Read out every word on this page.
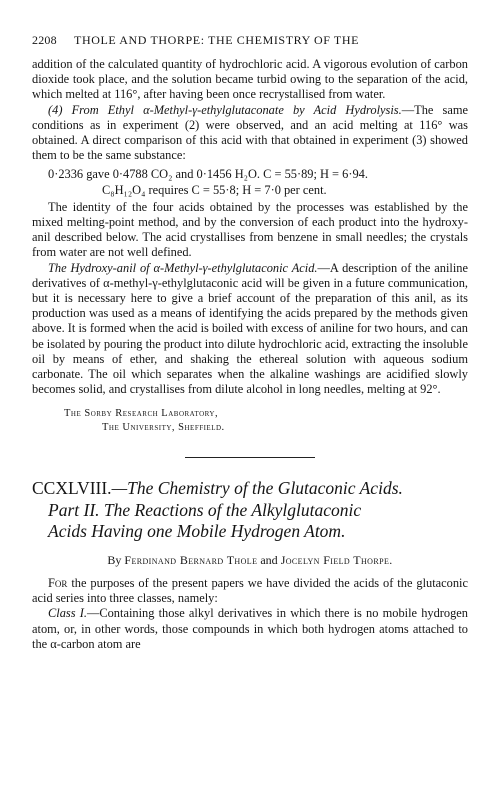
2208 THOLE AND THORPE: THE CHEMISTRY OF THE

addition of the calculated quantity of hydrochloric acid. A vigorous evolution of carbon dioxide took place, and the solution became turbid owing to the separation of the acid, which melted at 116°, after having been once recrystallised from water.

(4) From Ethyl α-Methyl-γ-ethylglutaconate by Acid Hydrolysis.—The same conditions as in experiment (2) were observed, and an acid melting at 116° was obtained. A direct comparison of this acid with that obtained in experiment (3) showed them to be the same substance:

0·2336 gave 0·4788 CO₂ and 0·1456 H₂O. C = 55·89; H = 6·94.

C₈H₁₂O₄ requires C = 55·8; H = 7·0 per cent.

The identity of the four acids obtained by the processes was established by the mixed melting-point method, and by the conversion of each product into the hydroxy-anil described below. The acid crystallises from benzene in small needles; the crystals from water are not well defined.

The Hydroxy-anil of α-Methyl-γ-ethylglutaconic Acid.—A description of the aniline derivatives of α-methyl-γ-ethylglutaconic acid will be given in a future communication, but it is necessary here to give a brief account of the preparation of this anil, as its production was used as a means of identifying the acids prepared by the methods given above. It is formed when the acid is boiled with excess of aniline for two hours, and can be isolated by pouring the product into dilute hydrochloric acid, extracting the insoluble oil by means of ether, and shaking the ethereal solution with aqueous sodium carbonate. The oil which separates when the alkaline washings are acidified slowly becomes solid, and crystallises from dilute alcohol in long needles, melting at 92°.

The Sorby Research Laboratory,
The University, Sheffield.
CCXLVIII.—The Chemistry of the Glutaconic Acids.
Part II. The Reactions of the Alkylglutaconic
Acids Having one Mobile Hydrogen Atom.
By Ferdinand Bernard Thole and Jocelyn Field Thorpe.

For the purposes of the present papers we have divided the acids of the glutaconic acid series into three classes, namely:

Class I.—Containing those alkyl derivatives in which there is no mobile hydrogen atom, or, in other words, those compounds in which both hydrogen atoms attached to the α-carbon atom are
